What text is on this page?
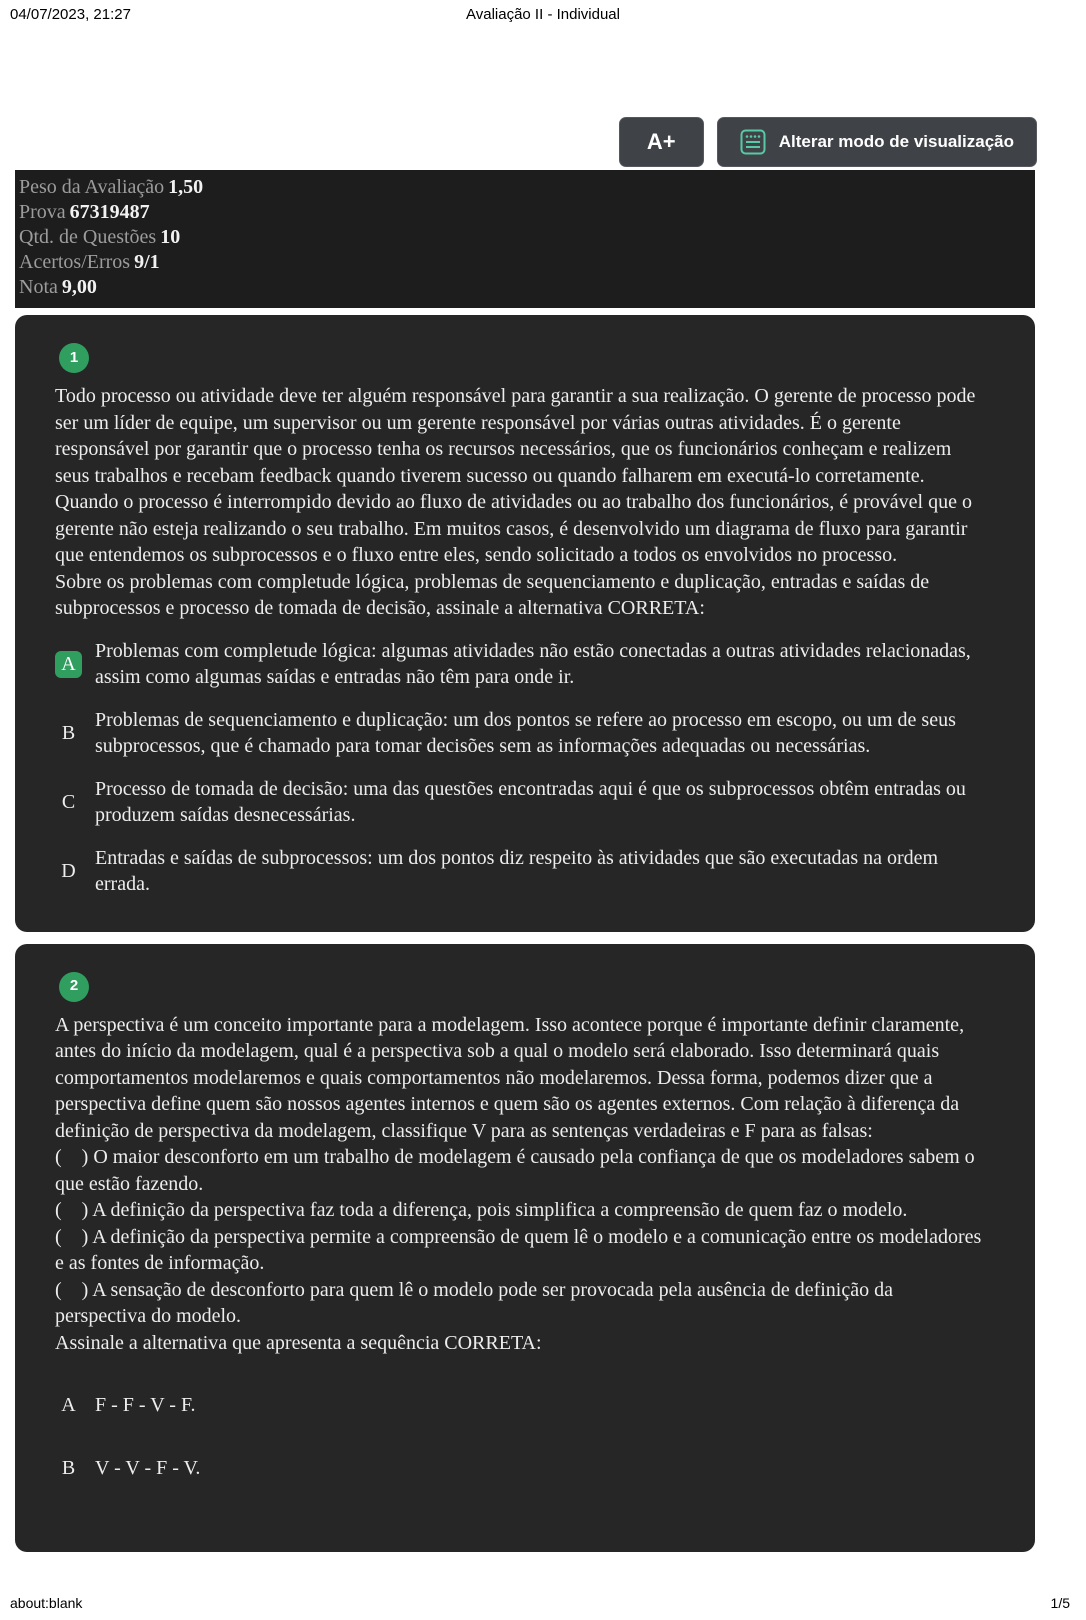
04/07/2023, 21:27	Avaliação II - Individual
A+	Alterar modo de visualização
Peso da Avaliação 1,50
Prova 67319487
Qtd. de Questões 10
Acertos/Erros 9/1
Nota 9,00
1

Todo processo ou atividade deve ter alguém responsável para garantir a sua realização. O gerente de processo pode ser um líder de equipe, um supervisor ou um gerente responsável por várias outras atividades. É o gerente responsável por garantir que o processo tenha os recursos necessários, que os funcionários conheçam e realizem seus trabalhos e recebam feedback quando tiverem sucesso ou quando falharem em executá-lo corretamente. Quando o processo é interrompido devido ao fluxo de atividades ou ao trabalho dos funcionários, é provável que o gerente não esteja realizando o seu trabalho. Em muitos casos, é desenvolvido um diagrama de fluxo para garantir que entendemos os subprocessos e o fluxo entre eles, sendo solicitado a todos os envolvidos no processo.

Sobre os problemas com completude lógica, problemas de sequenciamento e duplicação, entradas e saídas de subprocessos e processo de tomada de decisão, assinale a alternativa CORRETA:

A
Problemas com completude lógica: algumas atividades não estão conectadas a outras atividades relacionadas, assim como algumas saídas e entradas não têm para onde ir.
B
Problemas de sequenciamento e duplicação: um dos pontos se refere ao processo em escopo, ou um de seus subprocessos, que é chamado para tomar decisões sem as informações adequadas ou necessárias.
C
Processo de tomada de decisão: uma das questões encontradas aqui é que os subprocessos obtêm entradas ou produzem saídas desnecessárias.
D
Entradas e saídas de subprocessos: um dos pontos diz respeito às atividades que são executadas na ordem errada.
2

A perspectiva é um conceito importante para a modelagem. Isso acontece porque é importante definir claramente, antes do início da modelagem, qual é a perspectiva sob a qual o modelo será elaborado. Isso determinará quais comportamentos modelaremos e quais comportamentos não modelaremos. Dessa forma, podemos dizer que a perspectiva define quem são nossos agentes internos e quem são os agentes externos. Com relação à diferença da definição de perspectiva da modelagem, classifique V para as sentenças verdadeiras e F para as falsas:

(    ) O maior desconforto em um trabalho de modelagem é causado pela confiança de que os modeladores sabem o que estão fazendo.
(    ) A definição da perspectiva faz toda a diferença, pois simplifica a compreensão de quem faz o modelo.
(    ) A definição da perspectiva permite a compreensão de quem lê o modelo e a comunicação entre os modeladores e as fontes de informação.
(    ) A sensação de desconforto para quem lê o modelo pode ser provocada pela ausência de definição da perspectiva do modelo.

Assinale a alternativa que apresenta a sequência CORRETA:

A F - F - V - F.
B V - V - F - V.
about:blank	1/5
